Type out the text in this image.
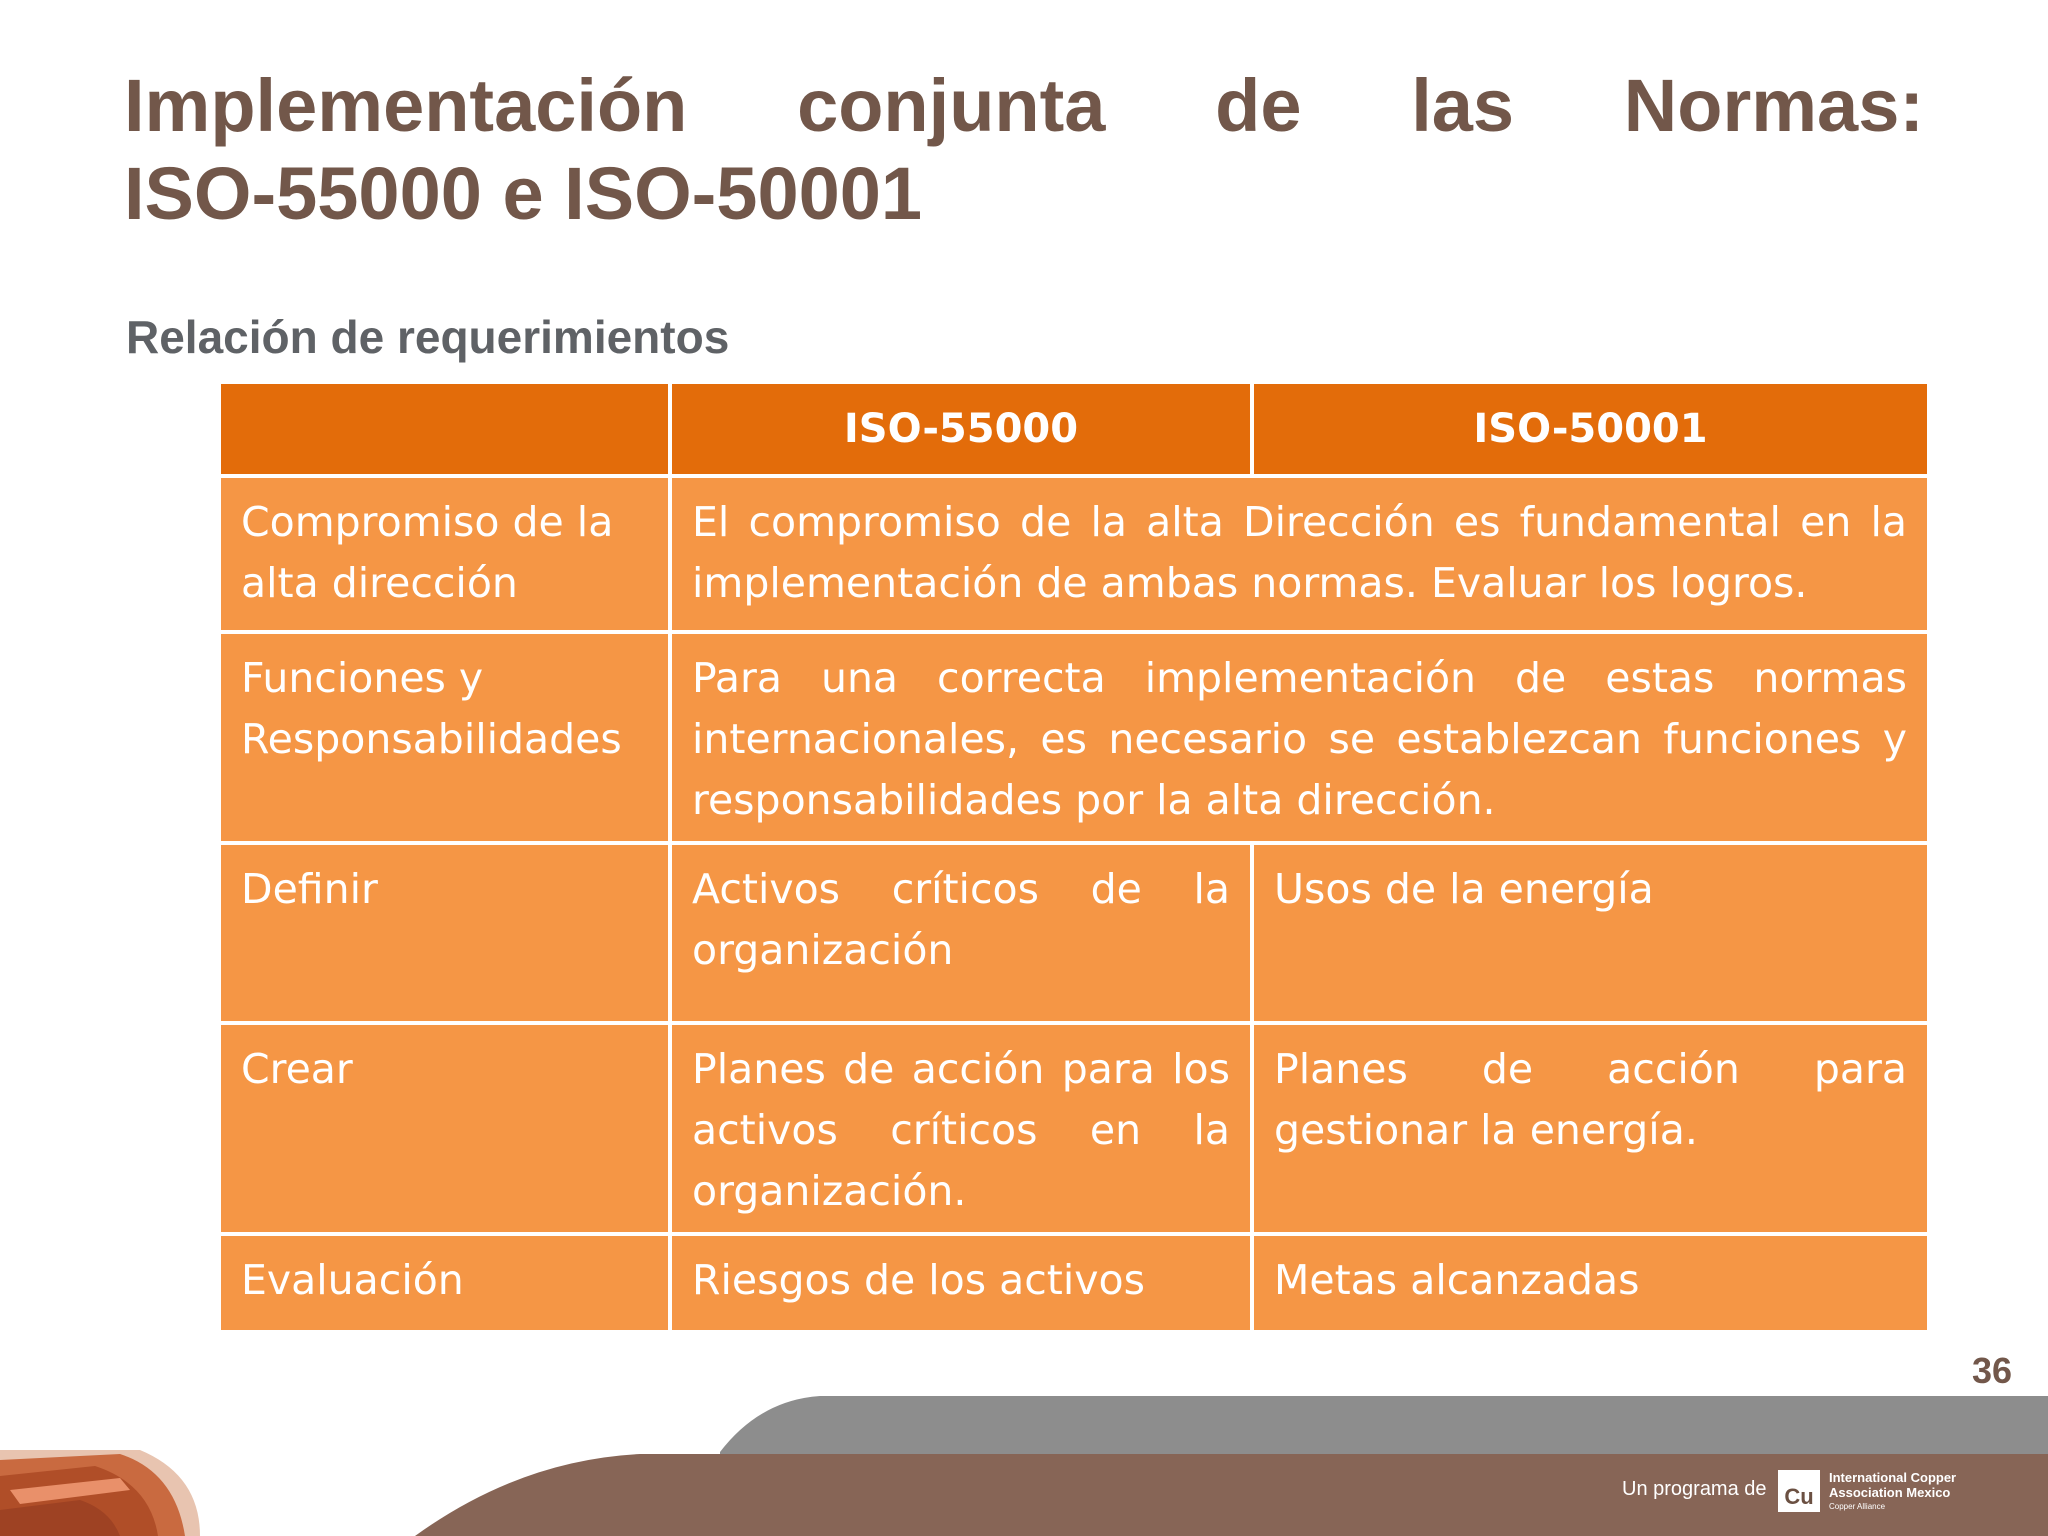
Implementación conjunta de las Normas:
ISO-55000 e ISO-50001
Relación de requerimientos
	ISO-55000	ISO-50001
Compromiso de la alta dirección	El compromiso de la alta Dirección es fundamental en la implementación de ambas normas. Evaluar los logros.	
Funciones y Responsabilidades	Para una correcta implementación de estas normas internacionales, es necesario se establezcan funciones y responsabilidades por la alta dirección.	
Definir	Activos críticos de la organización	Usos de la energía
Crear	Planes de acción para los activos críticos en la organización.	Planes de acción para gestionar la energía.
Evaluación	Riesgos de los activos	Metas alcanzadas
36
Un programa de Cu
International Copper
Association Mexico
Copper Alliance
